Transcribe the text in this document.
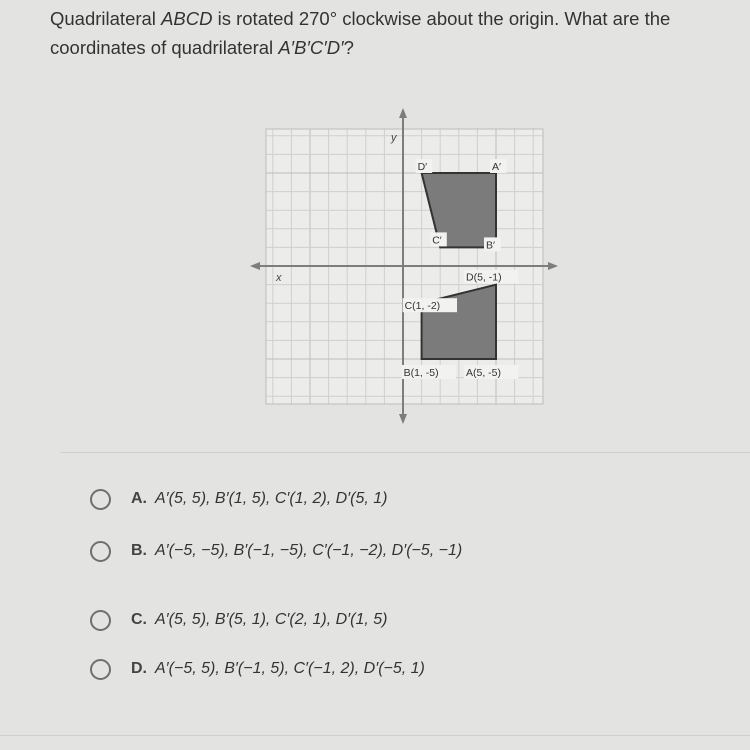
Quadrilateral ABCD is rotated 270° clockwise about the origin. What are the coordinates of quadrilateral A′B′C′D′?
x
y
A(5, -5)
B(1, -5)
C(1, -2)
D(5, -1)
A′
B′
C′
D′
A. A′(5, 5), B′(1, 5), C′(1, 2), D′(5, 1)
B. A′(−5, −5), B′(−1, −5), C′(−1, −2), D′(−5, −1)
C. A′(5, 5), B′(5, 1), C′(2, 1), D′(1, 5)
D. A′(−5, 5), B′(−1, 5), C′(−1, 2), D′(−5, 1)
